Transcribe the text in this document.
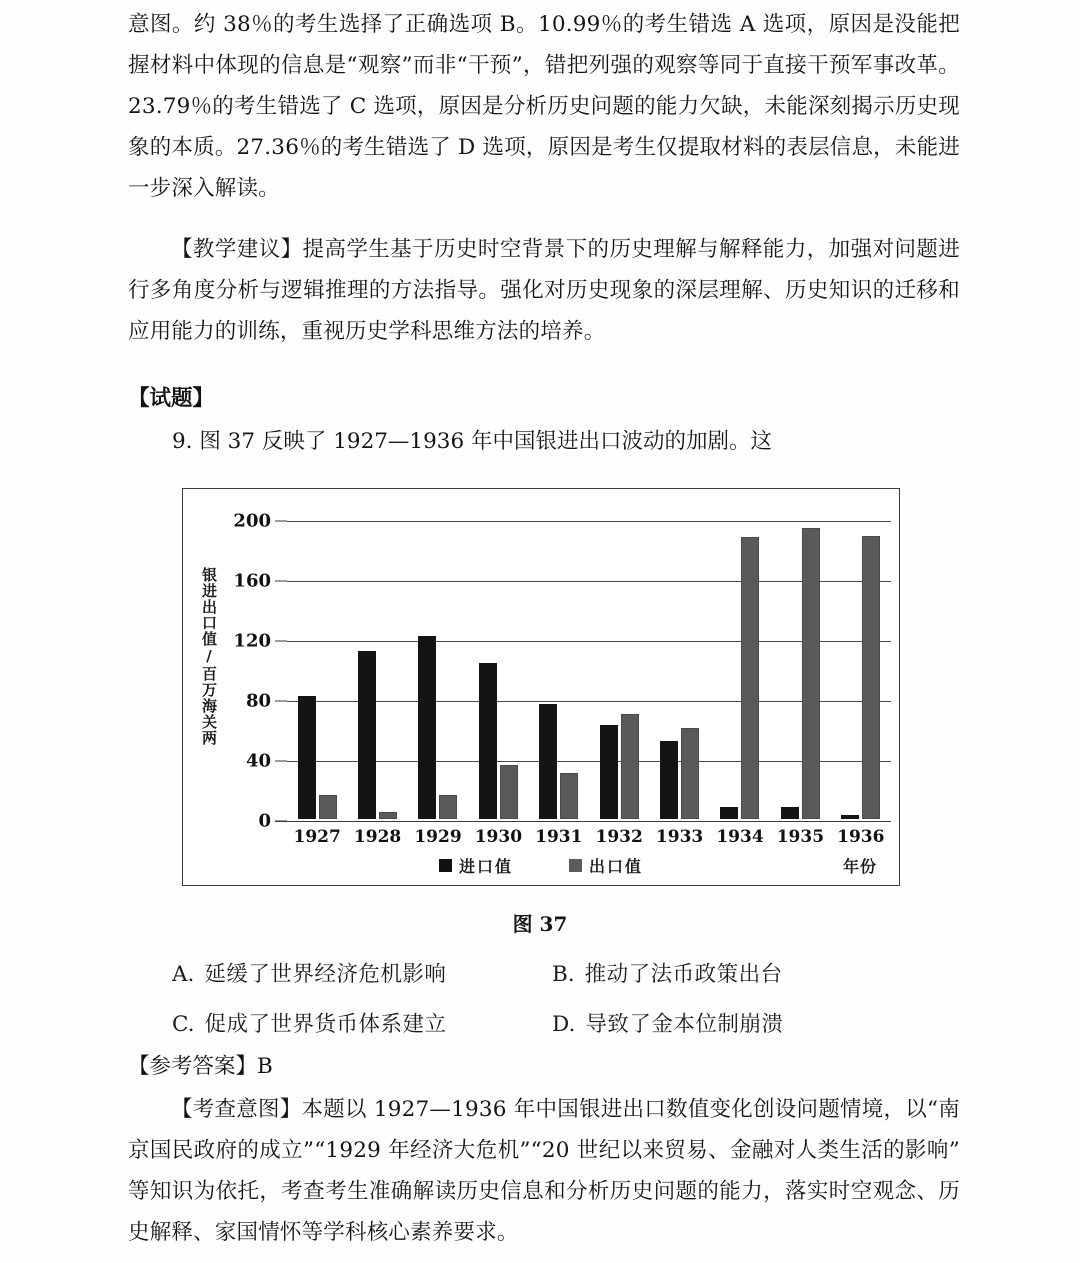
意图。约 38％的考生选择了正确选项 B。10.99％的考生错选 A 选项，原因是没能把握材料中体现的信息是“观察”而非“干预”，错把列强的观察等同于直接干预军事改革。23.79％的考生错选了 C 选项，原因是分析历史问题的能力欠缺，未能深刻揭示历史现象的本质。27.36％的考生错选了 D 选项，原因是考生仅提取材料的表层信息，未能进一步深入解读。

【教学建议】提高学生基于历史时空背景下的历史理解与解释能力，加强对问题进行多角度分析与逻辑推理的方法指导。强化对历史现象的深层理解、历史知识的迁移和应用能力的训练，重视历史学科思维方法的培养。

【试题】
9. 图 37 反映了 1927—1936 年中国银进出口波动的加剧。这
银进出口值/百万海关两
0
40
80
120
160
200
1927 1928 1929 1930 1931 1932 1933 1934 1935 1936
进口值	出口值	年份
图 37
A. 延缓了世界经济危机影响	B. 推动了法币政策出台
C. 促成了世界货币体系建立	D. 导致了金本位制崩溃
【参考答案】B

【考查意图】本题以 1927—1936 年中国银进出口数值变化创设问题情境，以“南京国民政府的成立”“1929 年经济大危机”“20 世纪以来贸易、金融对人类生活的影响”等知识为依托，考查考生准确解读历史信息和分析历史问题的能力，落实时空观念、历史解释、家国情怀等学科核心素养要求。
